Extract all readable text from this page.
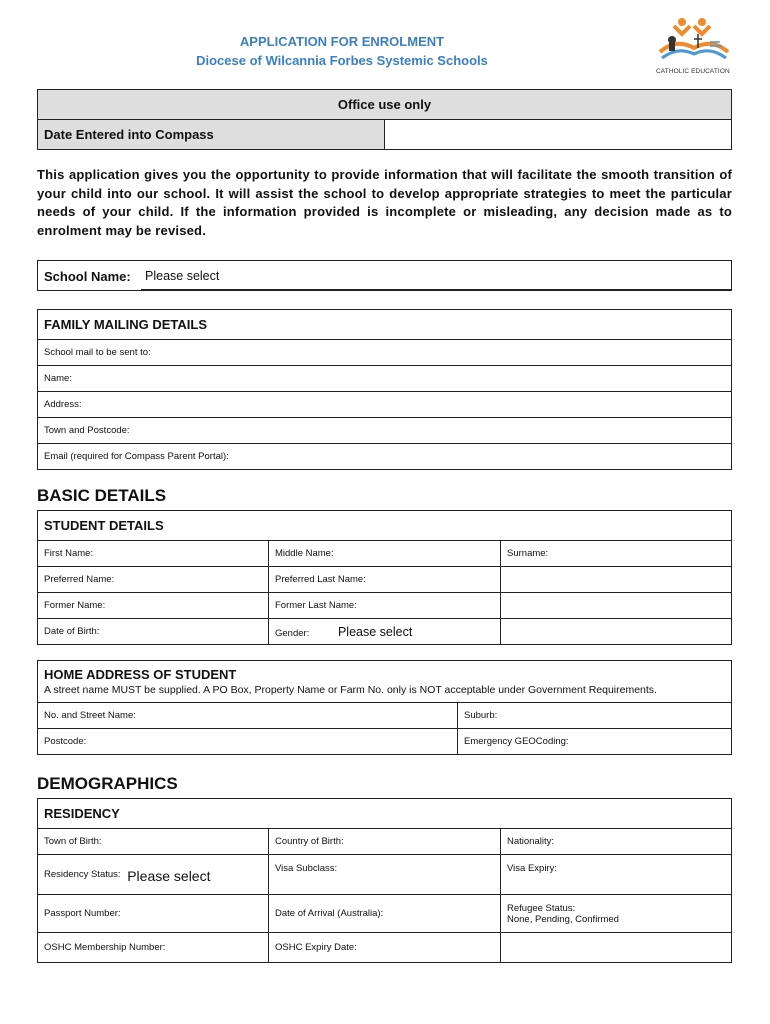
APPLICATION FOR ENROLMENT
Diocese of Wilcannia Forbes Systemic Schools
CATHOLIC EDUCATION
Office use only
Date Entered into Compass	
This application gives you the opportunity to provide information that will facilitate the smooth transition of your child into our school. It will assist the school to develop appropriate strategies to meet the particular needs of your child. If the information provided is incomplete or misleading, any decision made as to enrolment may be revised.
School Name: Please select
FAMILY MAILING DETAILS
School mail to be sent to:
Name:
Address:
Town and Postcode:
Email (required for Compass Parent Portal):
BASIC DETAILS
STUDENT DETAILS		
First Name:	Middle Name:	Surname:
Preferred Name:	Preferred Last Name:	
Former Name:	Former Last Name:	
Date of Birth:	Gender: Please select	
HOME ADDRESS OF STUDENT
A street name MUST be supplied. A PO Box, Property Name or Farm No. only is NOT acceptable under Government Requirements.	

No. and Street Name:	Suburb:
Postcode:	Emergency GEOCoding:
DEMOGRAPHICS
RESIDENCY		
Town of Birth:	Country of Birth:	Nationality:
Residency Status: Please select	Visa Subclass:	Visa Expiry:
Passport Number:	Date of Arrival (Australia):	Refugee Status:
None, Pending, Confirmed

OSHC Membership Number:	OSHC Expiry Date:	
